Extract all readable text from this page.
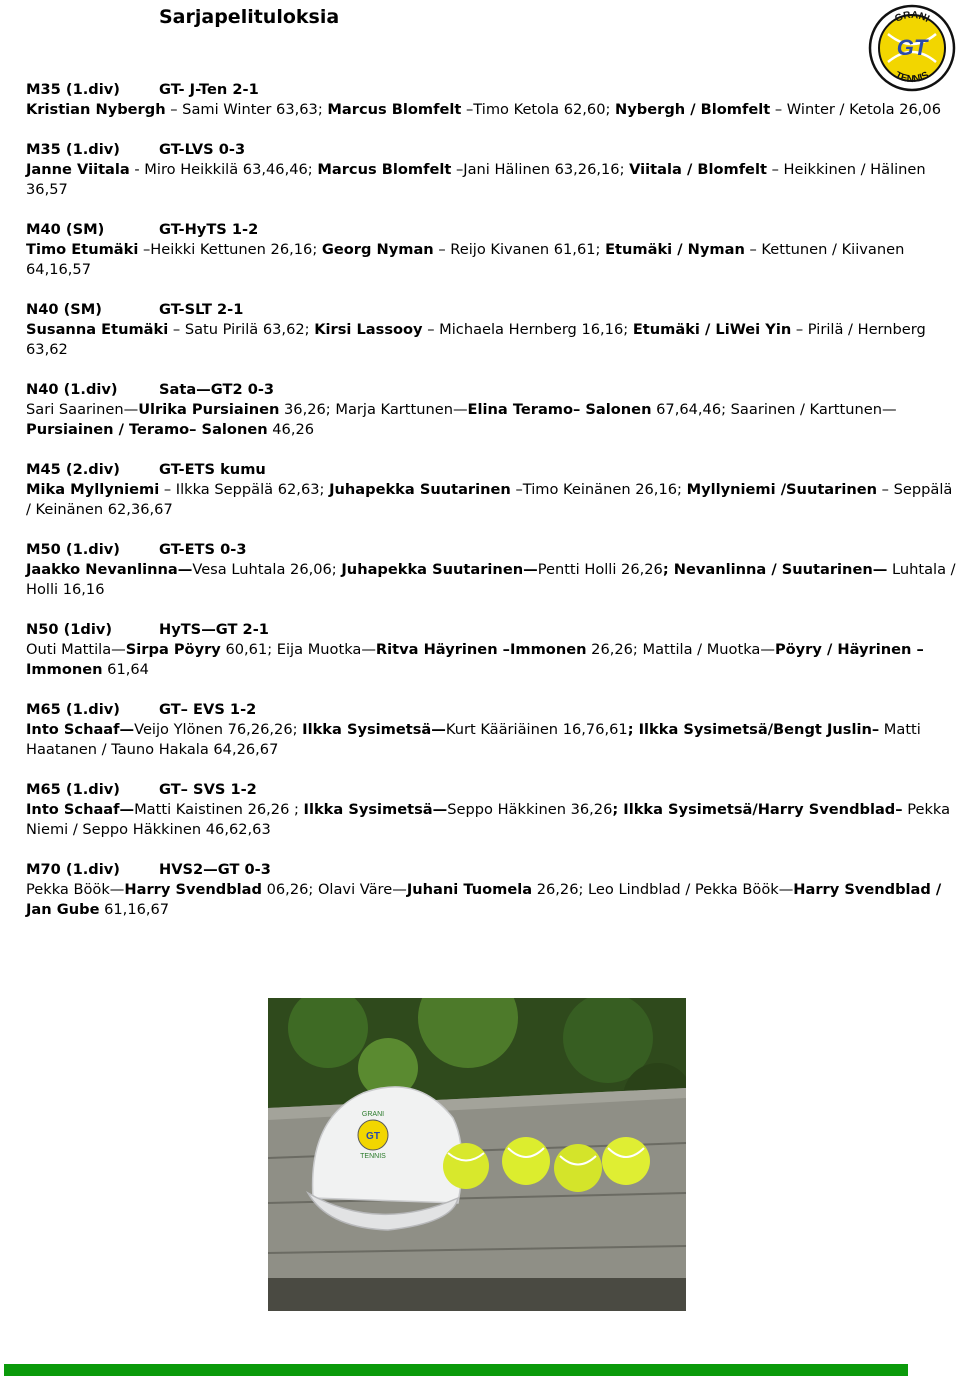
Sarjapelituloksia	GRANI
GT
TENNIS
M35 (1.div)	GT- J-Ten 2-1
Kristian Nybergh – Sami Winter 63,63; Marcus Blomfelt –Timo Ketola 62,60; Nybergh / Blomfelt – Winter / Ketola 26,06
M35 (1.div)	GT-LVS 0-3
Janne Viitala - Miro Heikkilä 63,46,46; Marcus Blomfelt –Jani Hälinen 63,26,16; Viitala / Blomfelt – Heikkinen / Hälinen 36,57
M40 (SM)	GT-HyTS 1-2
Timo Etumäki –Heikki Kettunen 26,16; Georg Nyman – Reijo Kivanen 61,61; Etumäki / Nyman – Kettunen / Kiivanen 64,16,57
N40 (SM)	GT-SLT 2-1
Susanna Etumäki – Satu Pirilä 63,62; Kirsi Lassooy – Michaela Hernberg 16,16; Etumäki / LiWei Yin – Pirilä / Hernberg 63,62
N40 (1.div)	Sata—GT2 0-3
Sari Saarinen—Ulrika Pursiainen 36,26; Marja Karttunen—Elina Teramo– Salonen 67,64,46; Saarinen / Karttunen—Pursiainen / Teramo– Salonen 46,26
M45 (2.div)	GT-ETS kumu
Mika Myllyniemi – Ilkka Seppälä 62,63; Juhapekka Suutarinen –Timo Keinänen 26,16; Myllyniemi /Suutarinen – Seppälä / Keinänen 62,36,67
M50 (1.div)	GT-ETS 0-3
Jaakko Nevanlinna—Vesa Luhtala 26,06; Juhapekka Suutarinen—Pentti Holli 26,26; Nevanlinna / Suutarinen— Luhtala / Holli 16,16
N50 (1div)	HyTS—GT 2-1
Outi Mattila—Sirpa Pöyry 60,61; Eija Muotka—Ritva Häyrinen –Immonen 26,26; Mattila / Muotka—Pöyry / Häyrinen – Immonen 61,64
M65 (1.div)	GT– EVS 1-2
Into Schaaf—Veijo Ylönen 76,26,26; Ilkka Sysimetsä—Kurt Kääriäinen 16,76,61; Ilkka Sysimetsä/Bengt Juslin– Matti Haatanen / Tauno Hakala 64,26,67
M65 (1.div)	GT– SVS 1-2
Into Schaaf—Matti Kaistinen 26,26 ; Ilkka Sysimetsä—Seppo Häkkinen 36,26; Ilkka Sysimetsä/Harry Svendblad– Pekka Niemi / Seppo Häkkinen 46,62,63
M70 (1.div)	HVS2—GT 0-3
Pekka Böök—Harry Svendblad 06,26; Olavi Väre—Juhani Tuomela 26,26; Leo Lindblad / Pekka Böök—Harry Svendblad / Jan Gube 61,16,67
GRANI
GT
TENNIS
